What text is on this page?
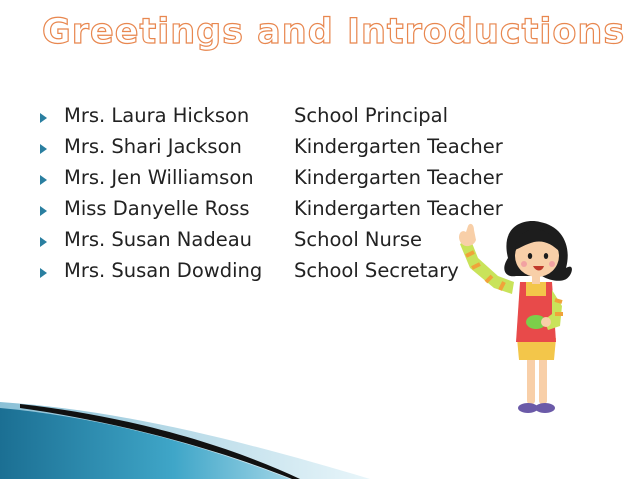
Greetings and Introductions
Mrs. Laura Hickson School Principal
Mrs. Shari Jackson	Kindergarten Teacher
Mrs. Jen Williamson Kindergarten Teacher
Miss Danyelle Ross Kindergarten Teacher
Mrs. Susan Nadeau School Nurse
Mrs. Susan Dowding School Secretary
